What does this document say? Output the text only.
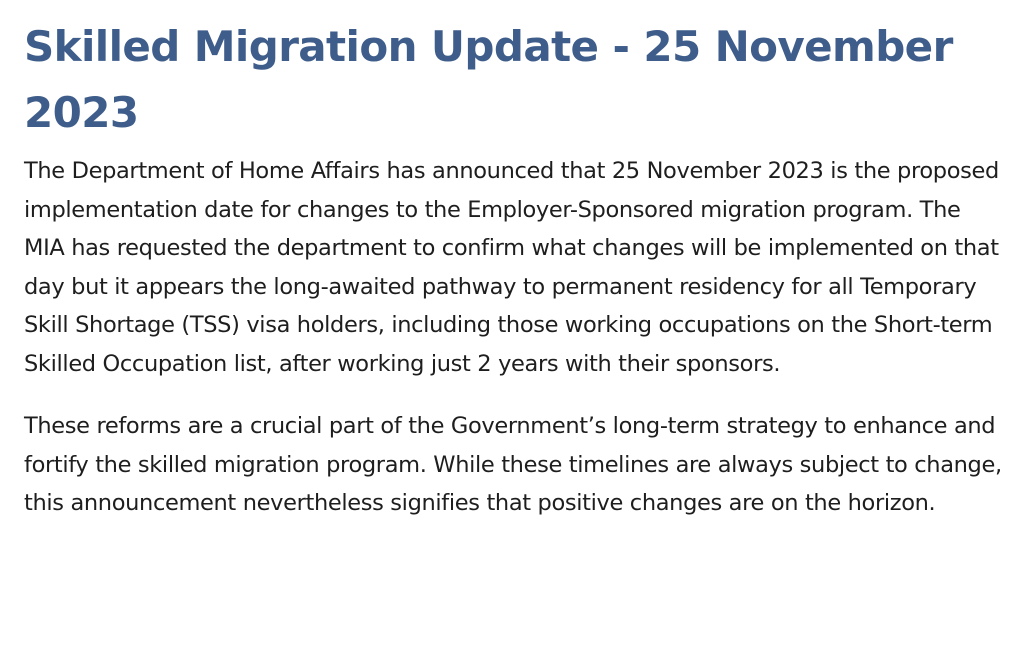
Skilled Migration Update - 25 November 2023

The Department of Home Affairs has announced that 25 November 2023 is the proposed implementation date for changes to the Employer-Sponsored migration program. The MIA has requested the department to confirm what changes will be implemented on that day but it appears the long-awaited pathway to permanent residency for all Temporary Skill Shortage (TSS) visa holders, including those working occupations on the Short-term Skilled Occupation list, after working just 2 years with their sponsors.

These reforms are a crucial part of the Government’s long-term strategy to enhance and fortify the skilled migration program. While these timelines are always subject to change, this announcement nevertheless signifies that positive changes are on the horizon.
